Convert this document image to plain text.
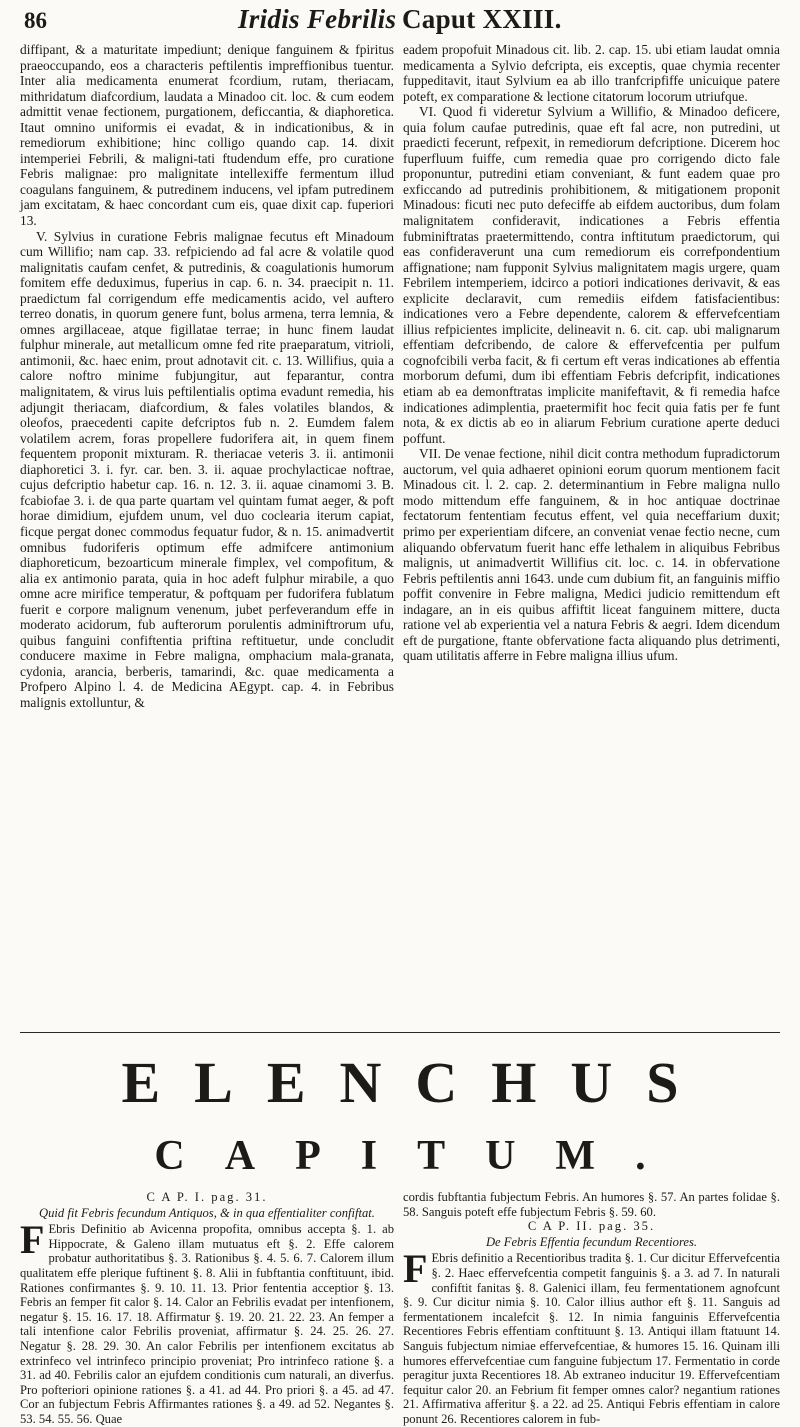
86	Iridis Febrilis Caput XXIII.

diffipant, & a maturitate impediunt; denique fanguinem & fpiritus praeoccupando, eos a characteris peftilentis impreffionibus tuentur. Inter alia medicamenta enumerat fcordium, rutam, theriacam, mithridatum diafcordium, laudata a Minadoo cit. loc. & cum eodem admittit venae fectionem, purgationem, deficcantia, & diaphoretica. Itaut omnino uniformis ei evadat, & in indicationibus, & in remediorum exhibitione; hinc colligo quando cap. 14. dixit intemperiei Febrili, & maligni-tati ftudendum effe, pro curatione Febris malignae: pro malignitate intellexiffe fermentum illud coagulans fanguinem, & putredinem inducens, vel ipfam putredinem jam excitatam, & haec concordant cum eis, quae dixit cap. fuperiori 13.

V. Sylvius in curatione Febris malignae fecutus eft Minadoum cum Willifio; nam cap. 33. refpiciendo ad fal acre & volatile quod malignitatis caufam cenfet, & putredinis, & coagulationis humorum fomitem effe deduximus, fuperius in cap. 6. n. 34. praecipit n. 11. praedictum fal corrigendum effe medicamentis acido, vel auftero terreo donatis, in quorum genere funt, bolus armena, terra lemnia, & omnes argillaceae, atque figillatae terrae; in hunc finem laudat fulphur minerale, aut metallicum omne fed rite praeparatum, vitrioli, antimonii, &c. haec enim, prout adnotavit cit. c. 13. Willifius, quia a calore noftro minime fubjungitur, aut feparantur, contra malignitatem, & virus luis peftilentialis optima evadunt remedia, his adjungit theriacam, diafcordium, & fales volatiles blandos, & oleofos, praecedenti capite defcriptos fub n. 2. Eumdem falem volatilem acrem, foras propellere fudorifera ait, in quem finem fequentem proponit mixturam. R. theriacae veteris 3. ii. antimonii diaphoretici 3. i. fyr. car. ben. 3. ii. aquae prochylacticae noftrae, cujus defcriptio habetur cap. 16. n. 12. 3. ii. aquae cinamomi 3. B. fcabiofae 3. i. de qua parte quartam vel quintam fumat aeger, & poft horae dimidium, ejufdem unum, vel duo coclearia iterum capiat, ficque pergat donec commodus fequatur fudor, & n. 15. animadvertit omnibus fudoriferis optimum effe admifcere antimonium diaphoreticum, bezoarticum minerale fimplex, vel compofitum, & alia ex antimonio parata, quia in hoc adeft fulphur mirabile, a quo omne acre mirifice temperatur, & poftquam per fudorifera fublatum fuerit e corpore malignum venenum, jubet perfeverandum effe in moderato acidorum, fub aufterorum porulentis adminiftrorum ufu, quibus fanguini confiftentia priftina reftituetur, unde concludit conducere maxime in Febre maligna, omphacium mala-granata, cydonia, arancia, berberis, tamarindi, &c. quae medicamenta a Profpero Alpino l. 4. de Medicina AEgypt. cap. 4. in Febribus malignis extolluntur, &

eadem propofuit Minadous cit. lib. 2. cap. 15. ubi etiam laudat omnia medicamenta a Sylvio defcripta, eis exceptis, quae chymia recenter fuppeditavit, itaut Sylvium ea ab illo tranfcripfiffe unicuique patere poteft, ex comparatione & lectione citatorum locorum utriufque.

VI. Quod fi videretur Sylvium a Willifio, & Minadoo deficere, quia folum caufae putredinis, quae eft fal acre, non putredini, ut praedicti fecerunt, refpexit, in remediorum defcriptione. Dicerem hoc fuperfluum fuiffe, cum remedia quae pro corrigendo dicto fale proponuntur, putredini etiam conveniant, & funt eadem quae pro exficcando ad putredinis prohibitionem, & mitigationem proponit Minadous: ficuti nec puto defeciffe ab eifdem auctoribus, dum folam malignitatem confideravit, indicationes a Febris effentia fubminiftratas praetermittendo, contra inftitutum praedictorum, qui eas confideraverunt una cum remediorum eis correfpondentium affignatione; nam fupponit Sylvius malignitatem magis urgere, quam Febrilem intemperiem, idcirco a potiori indicationes derivavit, & eas explicite declaravit, cum remediis eifdem fatisfacientibus: indicationes vero a Febre dependente, calorem & effervefcentiam illius refpicientes implicite, delineavit n. 6. cit. cap. ubi malignarum effentiam defcribendo, de calore & effervefcentia per pulfum cognofcibili verba facit, & fi certum eft veras indicationes ab effentia morborum defumi, dum ibi effentiam Febris defcripfit, indicationes etiam ab ea demonftratas implicite manifeftavit, & fi remedia hafce indicationes adimplentia, praetermifit hoc fecit quia fatis per fe funt nota, & ex dictis ab eo in aliarum Febrium curatione aperte deduci poffunt.

VII. De venae fectione, nihil dicit contra methodum fupradictorum auctorum, vel quia adhaeret opinioni eorum quorum mentionem facit Minadous cit. l. 2. cap. 2. determinantium in Febre maligna nullo modo mittendum effe fanguinem, & in hoc antiquae doctrinae fectatorum fententiam fecutus effent, vel quia neceffarium duxit; primo per experientiam difcere, an conveniat venae fectio necne, cum aliquando obfervatum fuerit hanc effe lethalem in aliquibus Febribus malignis, ut animadvertit Willifius cit. loc. c. 14. in obfervatione Febris peftilentis anni 1643. unde cum dubium fit, an fanguinis miffio poffit convenire in Febre maligna, Medici judicio remittendum eft indagare, an in eis quibus affiftit liceat fanguinem mittere, ducta ratione vel ab experientia vel a natura Febris & aegri. Idem dicendum eft de purgatione, ftante obfervatione facta aliquando plus detrimenti, quam utilitatis afferre in Febre maligna illius ufum.

ELENCHUS
CAPITUM.
C A P. I. pag. 31.
Quid fit Febris fecundum Antiquos, & in qua effentialiter confiftat.

F Ebris Definitio ab Avicenna propofita, omnibus accepta §. 1. ab Hippocrate, & Galeno illam mutuatus eft §. 2. Effe calorem probatur authoritatibus §. 3. Rationibus §. 4. 5. 6. 7. Calorem illum qualitatem effe plerique fuftinent §. 8. Alii in fubftantia conftituunt, ibid. Rationes confirmantes §. 9. 10. 11. 13. Prior fententia acceptior §. 13. Febris an femper fit calor §. 14. Calor an Febrilis evadat per intenfionem, negatur §. 15. 16. 17. 18. Affirmatur §. 19. 20. 21. 22. 23. An femper a tali intenfione calor Febrilis proveniat, affirmatur §. 24. 25. 26. 27. Negatur §. 28. 29. 30. An calor Febrilis per intenfionem excitatus ab extrinfeco vel intrinfeco principio proveniat; Pro intrinfeco ratione §. a 31. ad 40. Febrilis calor an ejufdem conditionis cum naturali, an diverfus. Pro pofteriori opinione rationes §. a 41. ad 44. Pro priori §. a 45. ad 47. Cor an fubjectum Febris Affirmantes rationes §. a 49. ad 52. Negantes §. 53. 54. 55. 56. Quae

cordis fubftantia fubjectum Febris. An humores §. 57. An partes folidae §. 58. Sanguis poteft effe fubjectum Febris §. 59. 60.

C A P. II. pag. 35.
De Febris Effentia fecundum Recentiores.

F Ebris definitio a Recentioribus tradita §. 1. Cur dicitur Effervefcentia §. 2. Haec effervefcentia competit fanguinis §. a 3. ad 7. In naturali confiftit fanitas §. 8. Galenici illam, feu fermentationem agnofcunt §. 9. Cur dicitur nimia §. 10. Calor illius author eft §. 11. Sanguis ad fermentationem incalefcit §. 12. In nimia fanguinis Effervefcentia Recentiores Febris effentiam conftituunt §. 13. Antiqui illam ftatuunt 14. Sanguis fubjectum nimiae effervefcentiae, & humores 15. 16. Quinam illi humores effervefcentiae cum fanguine fubjectum 17. Fermentatio in corde peragitur juxta Recentiores 18. Ab extraneo inducitur 19. Effervefcentiam fequitur calor 20. an Febrium fit femper omnes calor? negantium rationes 21. Affirmativa afferitur §. a 22. ad 25. Antiqui Febris effentiam in calore ponunt 26. Recentiores calorem in fub-
